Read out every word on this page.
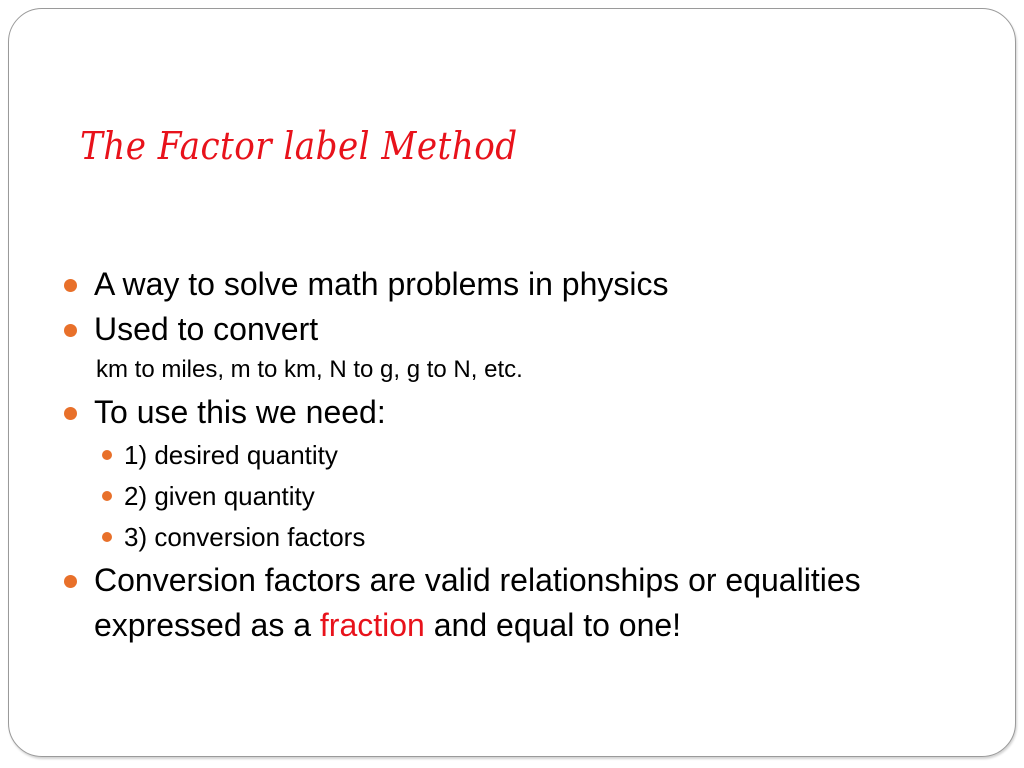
The Factor label Method
A way to solve math problems in physics
Used to convert
km to miles, m to km, N to g, g to N, etc.
To use this we need:
1) desired quantity
2) given quantity
3) conversion factors
Conversion factors are valid relationships or equalities expressed as a fraction and equal to one!
